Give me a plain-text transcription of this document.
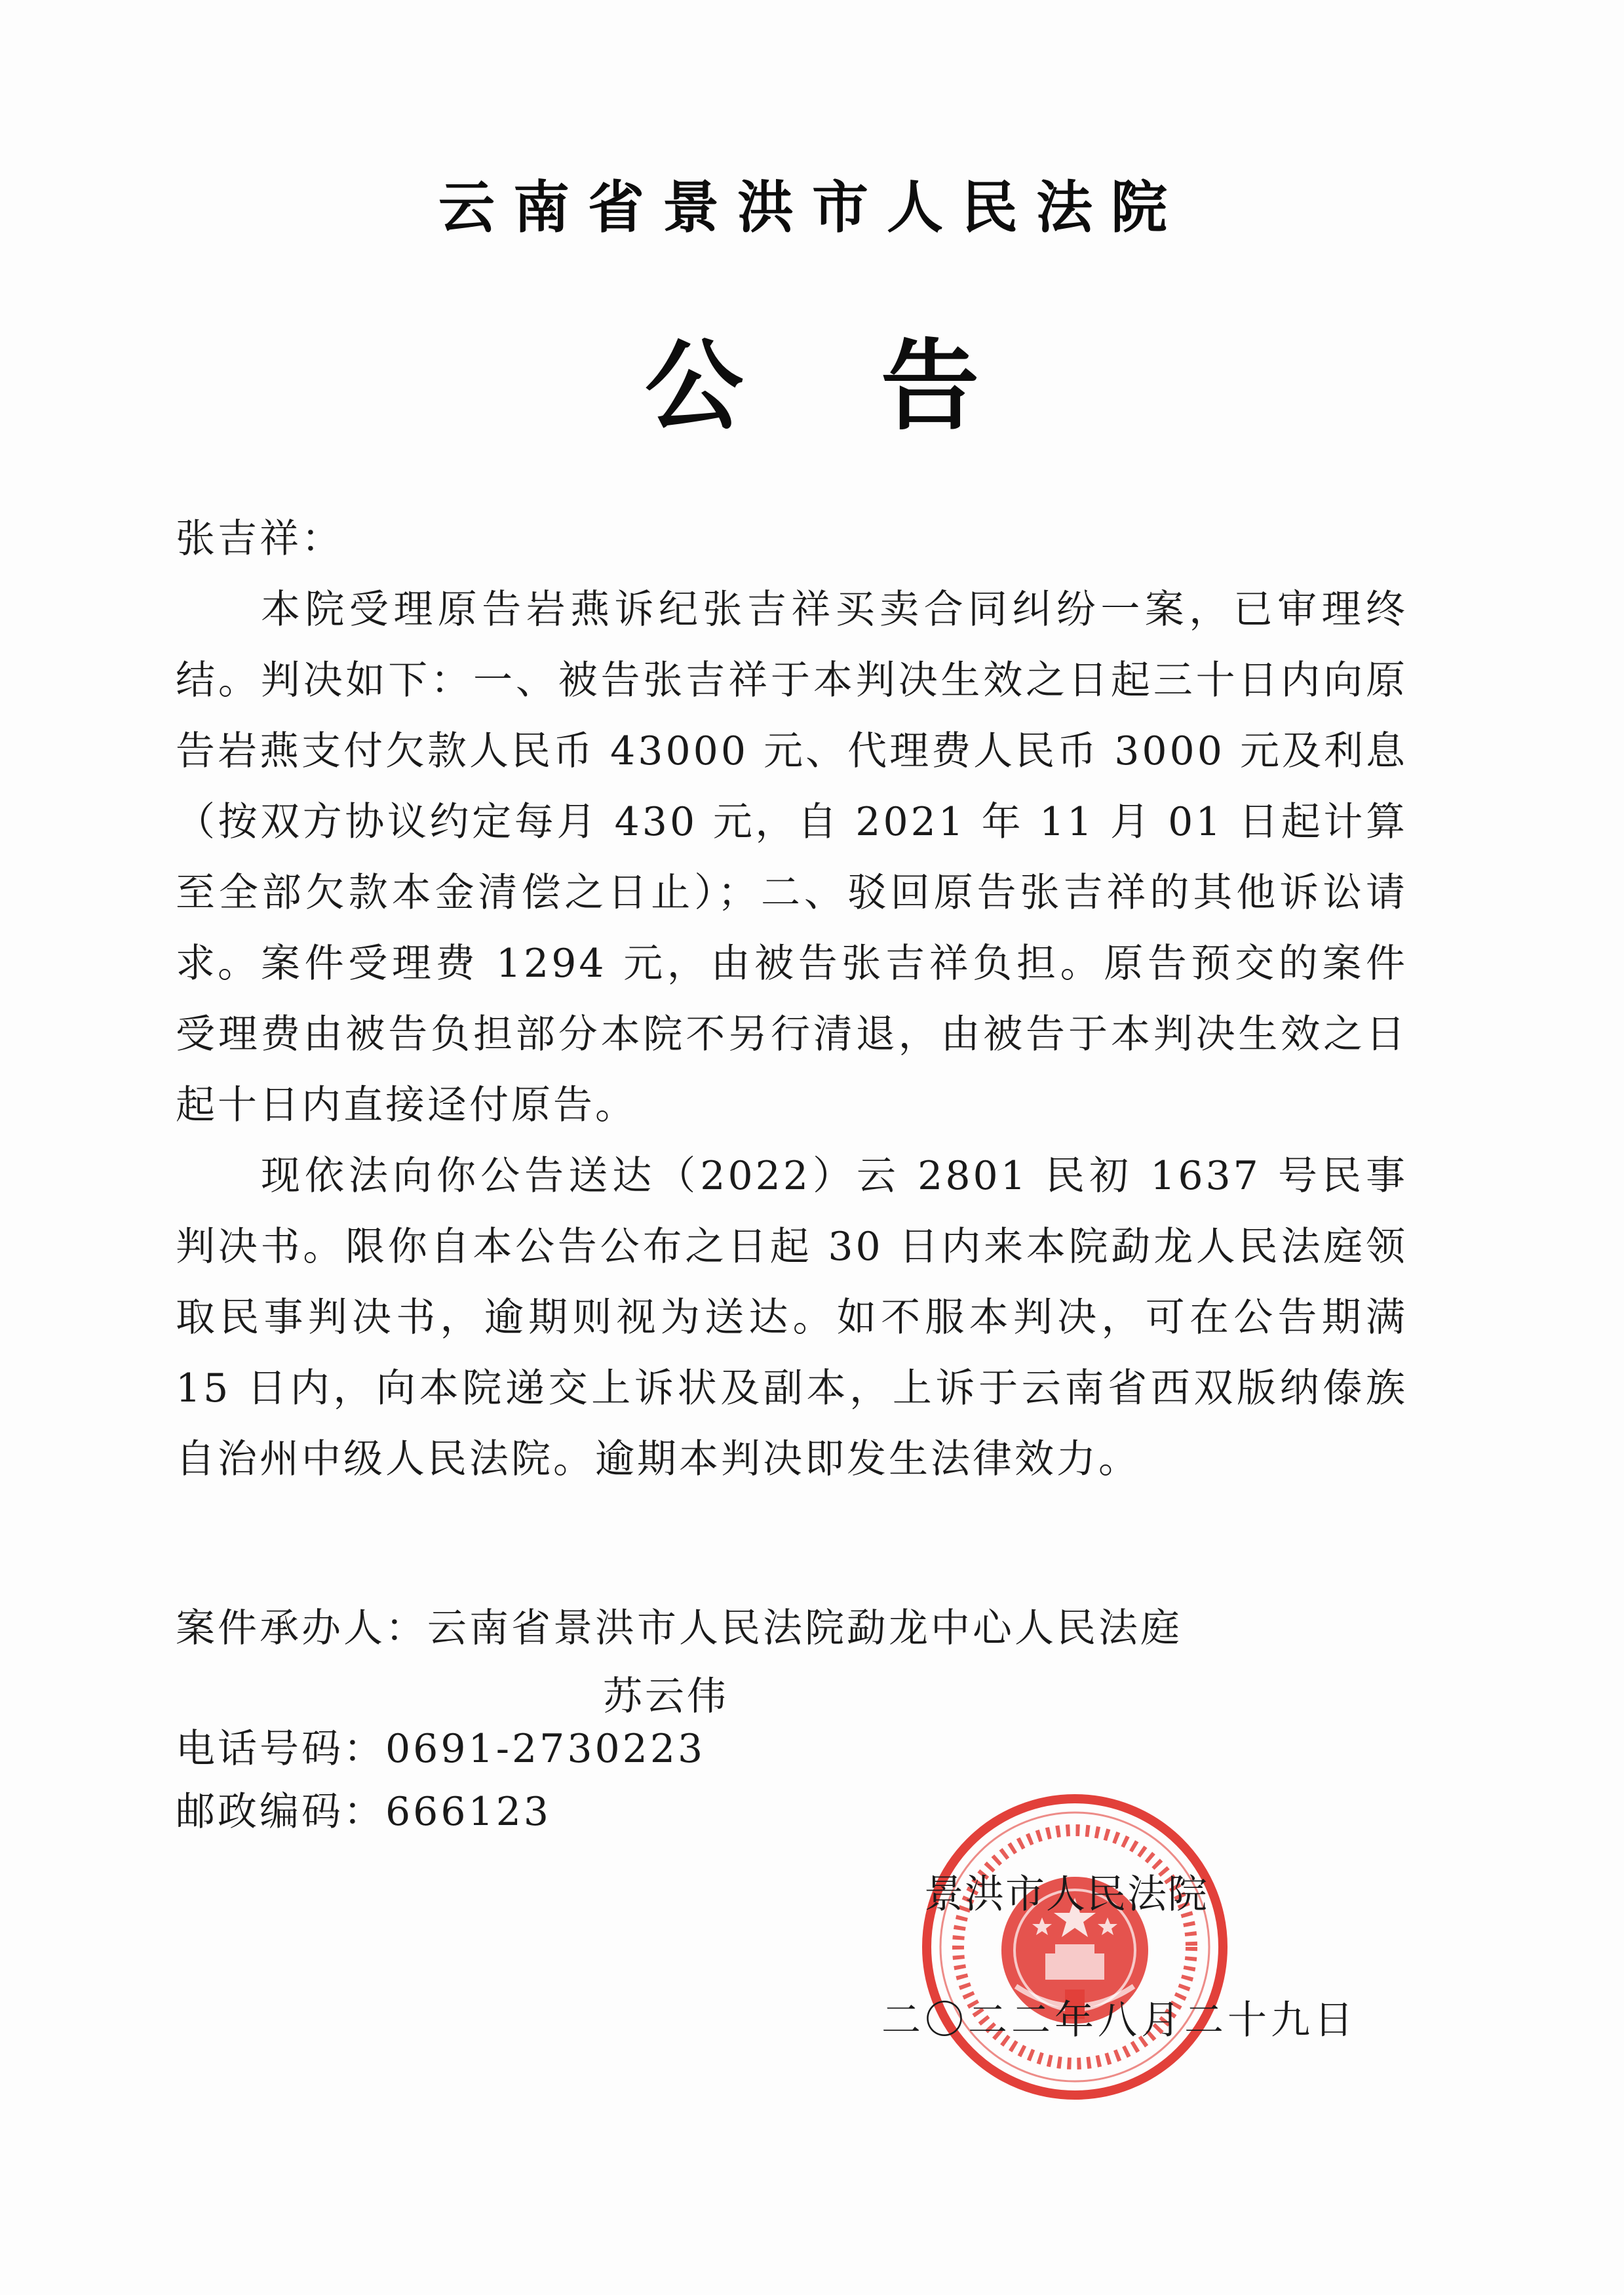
云南省景洪市人民法院
公告
张吉祥：
本院受理原告岩燕诉纪张吉祥买卖合同纠纷一案，已审理终结。判决如下：一、被告张吉祥于本判决生效之日起三十日内向原告岩燕支付欠款人民币 43000 元、代理费人民币 3000 元及利息（按双方协议约定每月 430 元，自 2021 年 11 月 01 日起计算至全部欠款本金清偿之日止）；二、驳回原告张吉祥的其他诉讼请求。 案件受理费 1294 元，由被告张吉祥负担。原告预交的案件受理费由被告负担部分本院不另行清退，由被告于本判决生效之日起十日内直接迳付原告。
现依法向你公告送达（2022）云 2801 民初 1637 号民事判决书。限你自本公告公布之日起 30 日内来本院勐龙人民法庭领取民事判决书，逾期则视为送达。如不服本判决，可在公告期满 15 日内，向本院递交上诉状及副本，上诉于云南省西双版纳傣族自治州中级人民法院。逾期本判决即发生法律效力。
案件承办人：云南省景洪市人民法院勐龙中心人民法庭
苏云伟
电话号码：0691-2730223
邮政编码：666123
景洪市人民法院
二〇二二年八月二十九日
